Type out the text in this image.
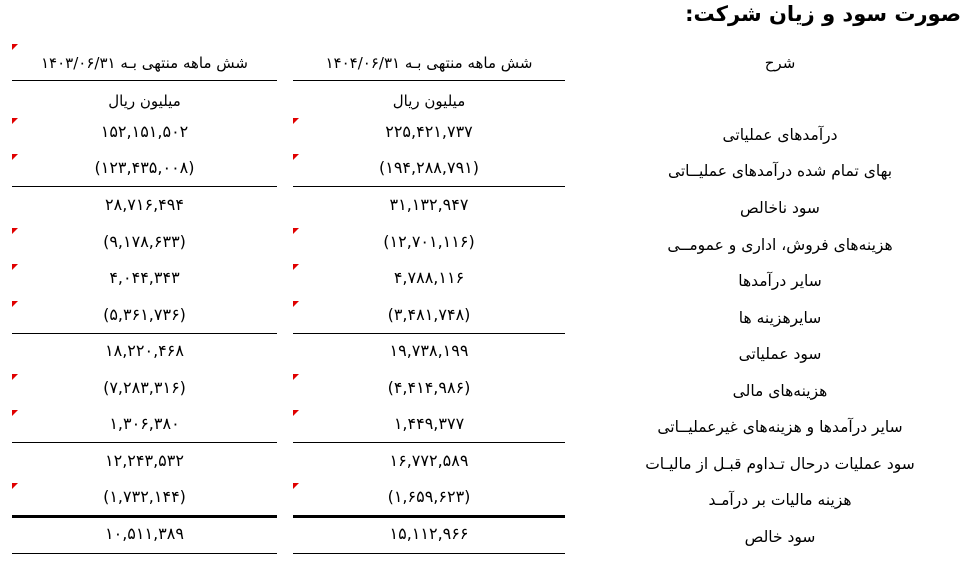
صورت سود و زیان شرکت:
شرح
شش ماهه منتهی بـه ۱۴۰۴/۰۶/۳۱
شش ماهه منتهی بـه ۱۴۰۳/۰۶/۳۱
میلیون ریال
میلیون ریال
درآمدهای عملیاتی
۲۲۵,۴۲۱,۷۳۷
۱۵۲,۱۵۱,۵۰۲
بهای تمام شده درآمدهای عملیــاتی
(۱۹۴,۲۸۸,۷۹۱)
(۱۲۳,۴۳۵,۰۰۸)
سود ناخالص
۳۱,۱۳۲,۹۴۷
۲۸,۷۱۶,۴۹۴
هزینه‌های فروش، اداری و عمومــی
(۱۲,۷۰۱,۱۱۶)
(۹,۱۷۸,۶۳۳)
سایر درآمدها
۴,۷۸۸,۱۱۶
۴,۰۴۴,۳۴۳
سایرهزینه ها
(۳,۴۸۱,۷۴۸)
(۵,۳۶۱,۷۳۶)
سود عملیاتی
۱۹,۷۳۸,۱۹۹
۱۸,۲۲۰,۴۶۸
هزینه‌های مالی
(۴,۴۱۴,۹۸۶)
(۷,۲۸۳,۳۱۶)
سایر درآمدها و هزینه‌های غیرعملیــاتی
۱,۴۴۹,۳۷۷
۱,۳۰۶,۳۸۰
سود عملیات درحال تـداوم قبـل از مالیـات
۱۶,۷۷۲,۵۸۹
۱۲,۲۴۳,۵۳۲
هزینه مالیات بر درآمـد
(۱,۶۵۹,۶۲۳)
(۱,۷۳۲,۱۴۴)
سود خالص
۱۵,۱۱۲,۹۶۶
۱۰,۵۱۱,۳۸۹
